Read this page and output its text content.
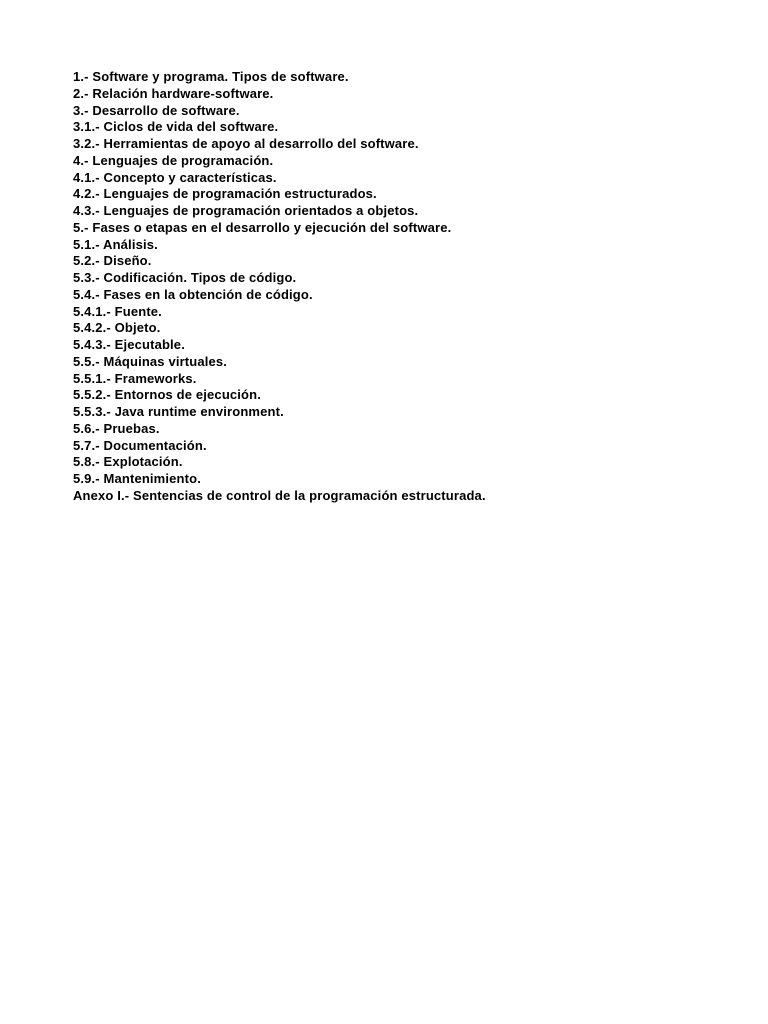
1.- Software y programa. Tipos de software.
2.- Relación hardware-software.
3.- Desarrollo de software.
3.1.- Ciclos de vida del software.
3.2.- Herramientas de apoyo al desarrollo del software.
4.- Lenguajes de programación.
4.1.- Concepto y características.
4.2.- Lenguajes de programación estructurados.
4.3.- Lenguajes de programación orientados a objetos.
5.- Fases o etapas en el desarrollo y ejecución del software.
5.1.- Análisis.
5.2.- Diseño.
5.3.- Codificación. Tipos de código.
5.4.- Fases en la obtención de código.
5.4.1.- Fuente.
5.4.2.- Objeto.
5.4.3.- Ejecutable.
5.5.- Máquinas virtuales.
5.5.1.- Frameworks.
5.5.2.- Entornos de ejecución.
5.5.3.- Java runtime environment.
5.6.- Pruebas.
5.7.- Documentación.
5.8.- Explotación.
5.9.- Mantenimiento.
Anexo I.- Sentencias de control de la programación estructurada.
